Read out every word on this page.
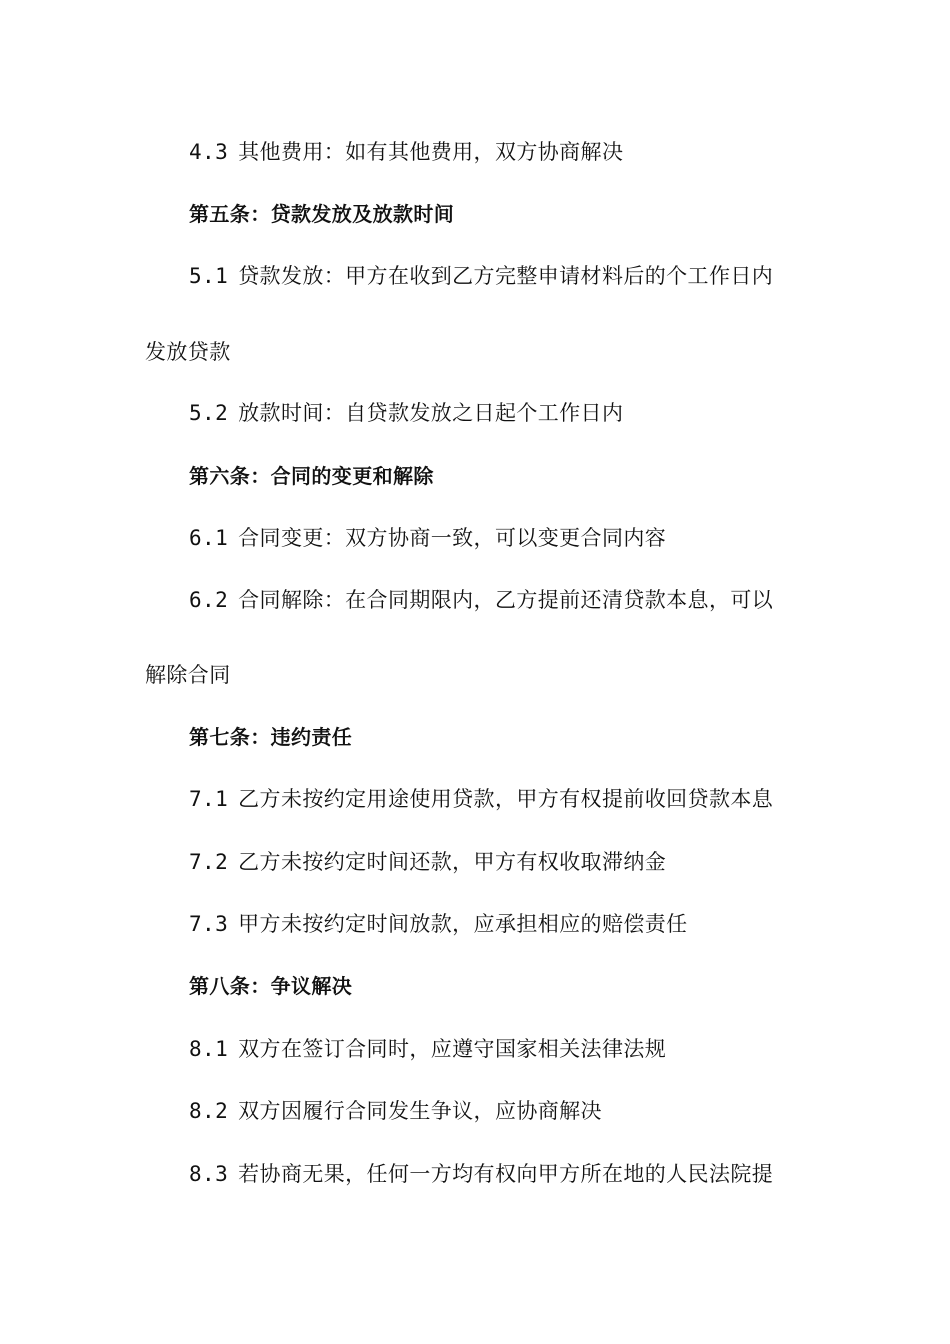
4.3 其他费用：如有其他费用，双方协商解决
第五条：贷款发放及放款时间
5.1 贷款发放：甲方在收到乙方完整申请材料后的个工作日内
发放贷款
5.2 放款时间：自贷款发放之日起个工作日内
第六条：合同的变更和解除
6.1 合同变更：双方协商一致，可以变更合同内容
6.2 合同解除：在合同期限内，乙方提前还清贷款本息，可以
解除合同
第七条：违约责任
7.1 乙方未按约定用途使用贷款，甲方有权提前收回贷款本息
7.2 乙方未按约定时间还款，甲方有权收取滞纳金
7.3 甲方未按约定时间放款，应承担相应的赔偿责任
第八条：争议解决
8.1 双方在签订合同时，应遵守国家相关法律法规
8.2 双方因履行合同发生争议，应协商解决
8.3 若协商无果，任何一方均有权向甲方所在地的人民法院提
